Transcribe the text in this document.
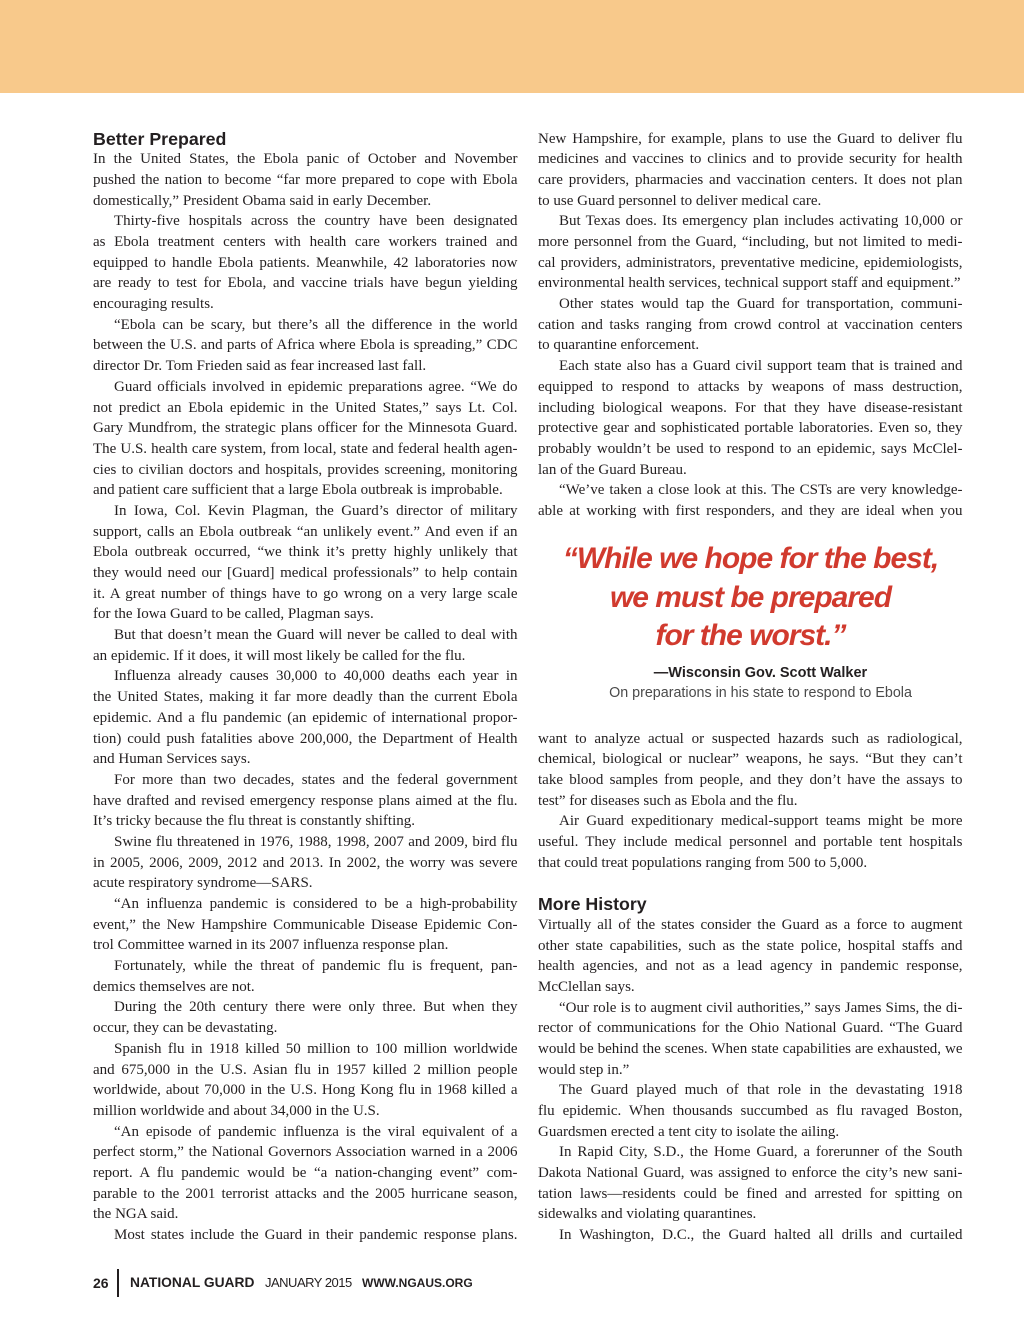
Better Prepared
In the United States, the Ebola panic of October and November
pushed the nation to become “far more prepared to cope with Ebola
domestically,” President Obama said in early December.
Thirty-five hospitals across the country have been designated
as Ebola treatment centers with health care workers trained and
equipped to handle Ebola patients. Meanwhile, 42 laboratories now
are ready to test for Ebola, and vaccine trials have begun yielding
encouraging results.
“Ebola can be scary, but there’s all the difference in the world
between the U.S. and parts of Africa where Ebola is spreading,” CDC
director Dr. Tom Frieden said as fear increased last fall.
Guard officials involved in epidemic preparations agree. “We do
not predict an Ebola epidemic in the United States,” says Lt. Col.
Gary Mundfrom, the strategic plans officer for the Minnesota Guard.
The U.S. health care system, from local, state and federal health agen-
cies to civilian doctors and hospitals, provides screening, monitoring
and patient care sufficient that a large Ebola outbreak is improbable.
In Iowa, Col. Kevin Plagman, the Guard’s director of military
support, calls an Ebola outbreak “an unlikely event.” And even if an
Ebola outbreak occurred, “we think it’s pretty highly unlikely that
they would need our [Guard] medical professionals” to help contain
it. A great number of things have to go wrong on a very large scale
for the Iowa Guard to be called, Plagman says.
But that doesn’t mean the Guard will never be called to deal with
an epidemic. If it does, it will most likely be called for the flu.
Influenza already causes 30,000 to 40,000 deaths each year in
the United States, making it far more deadly than the current Ebola
epidemic. And a flu pandemic (an epidemic of international propor-
tion) could push fatalities above 200,000, the Department of Health
and Human Services says.
For more than two decades, states and the federal government
have drafted and revised emergency response plans aimed at the flu.
It’s tricky because the flu threat is constantly shifting.
Swine flu threatened in 1976, 1988, 1998, 2007 and 2009, bird flu
in 2005, 2006, 2009, 2012 and 2013. In 2002, the worry was severe
acute respiratory syndrome—SARS.
“An influenza pandemic is considered to be a high-probability
event,” the New Hampshire Communicable Disease Epidemic Con-
trol Committee warned in its 2007 influenza response plan.
Fortunately, while the threat of pandemic flu is frequent, pan-
demics themselves are not.
During the 20th century there were only three. But when they
occur, they can be devastating.
Spanish flu in 1918 killed 50 million to 100 million worldwide
and 675,000 in the U.S. Asian flu in 1957 killed 2 million people
worldwide, about 70,000 in the U.S. Hong Kong flu in 1968 killed a
million worldwide and about 34,000 in the U.S.
“An episode of pandemic influenza is the viral equivalent of a
perfect storm,” the National Governors Association warned in a 2006
report. A flu pandemic would be “a nation-changing event” com-
parable to the 2001 terrorist attacks and the 2005 hurricane season,
the NGA said.
Most states include the Guard in their pandemic response plans.
New Hampshire, for example, plans to use the Guard to deliver flu
medicines and vaccines to clinics and to provide security for health
care providers, pharmacies and vaccination centers. It does not plan
to use Guard personnel to deliver medical care.
But Texas does. Its emergency plan includes activating 10,000 or
more personnel from the Guard, “including, but not limited to medi-
cal providers, administrators, preventative medicine, epidemiologists,
environmental health services, technical support staff and equipment.”
Other states would tap the Guard for transportation, communi-
cation and tasks ranging from crowd control at vaccination centers
to quarantine enforcement.
Each state also has a Guard civil support team that is trained and
equipped to respond to attacks by weapons of mass destruction,
including biological weapons. For that they have disease-resistant
protective gear and sophisticated portable laboratories. Even so, they
probably wouldn’t be used to respond to an epidemic, says McClel-
lan of the Guard Bureau.
“We’ve taken a close look at this. The CSTs are very knowledge-
able at working with first responders, and they are ideal when you
“While we hope for the best,
we must be prepared
for the worst.”
—Wisconsin Gov. Scott Walker
On preparations in his state to respond to Ebola
want to analyze actual or suspected hazards such as radiological,
chemical, biological or nuclear” weapons, he says. “But they can’t
take blood samples from people, and they don’t have the assays to
test” for diseases such as Ebola and the flu.
Air Guard expeditionary medical-support teams might be more
useful. They include medical personnel and portable tent hospitals
that could treat populations ranging from 500 to 5,000.
More History
Virtually all of the states consider the Guard as a force to augment
other state capabilities, such as the state police, hospital staffs and
health agencies, and not as a lead agency in pandemic response,
McClellan says.
“Our role is to augment civil authorities,” says James Sims, the di-
rector of communications for the Ohio National Guard. “The Guard
would be behind the scenes. When state capabilities are exhausted, we
would step in.”
The Guard played much of that role in the devastating 1918
flu epidemic. When thousands succumbed as flu ravaged Boston,
Guardsmen erected a tent city to isolate the ailing.
In Rapid City, S.D., the Home Guard, a forerunner of the South
Dakota National Guard, was assigned to enforce the city’s new sani-
tation laws—residents could be fined and arrested for spitting on
sidewalks and violating quarantines.
In Washington, D.C., the Guard halted all drills and curtailed
26 NATIONAL GUARD JANUARY 2015 WWW.NGAUS.ORG
